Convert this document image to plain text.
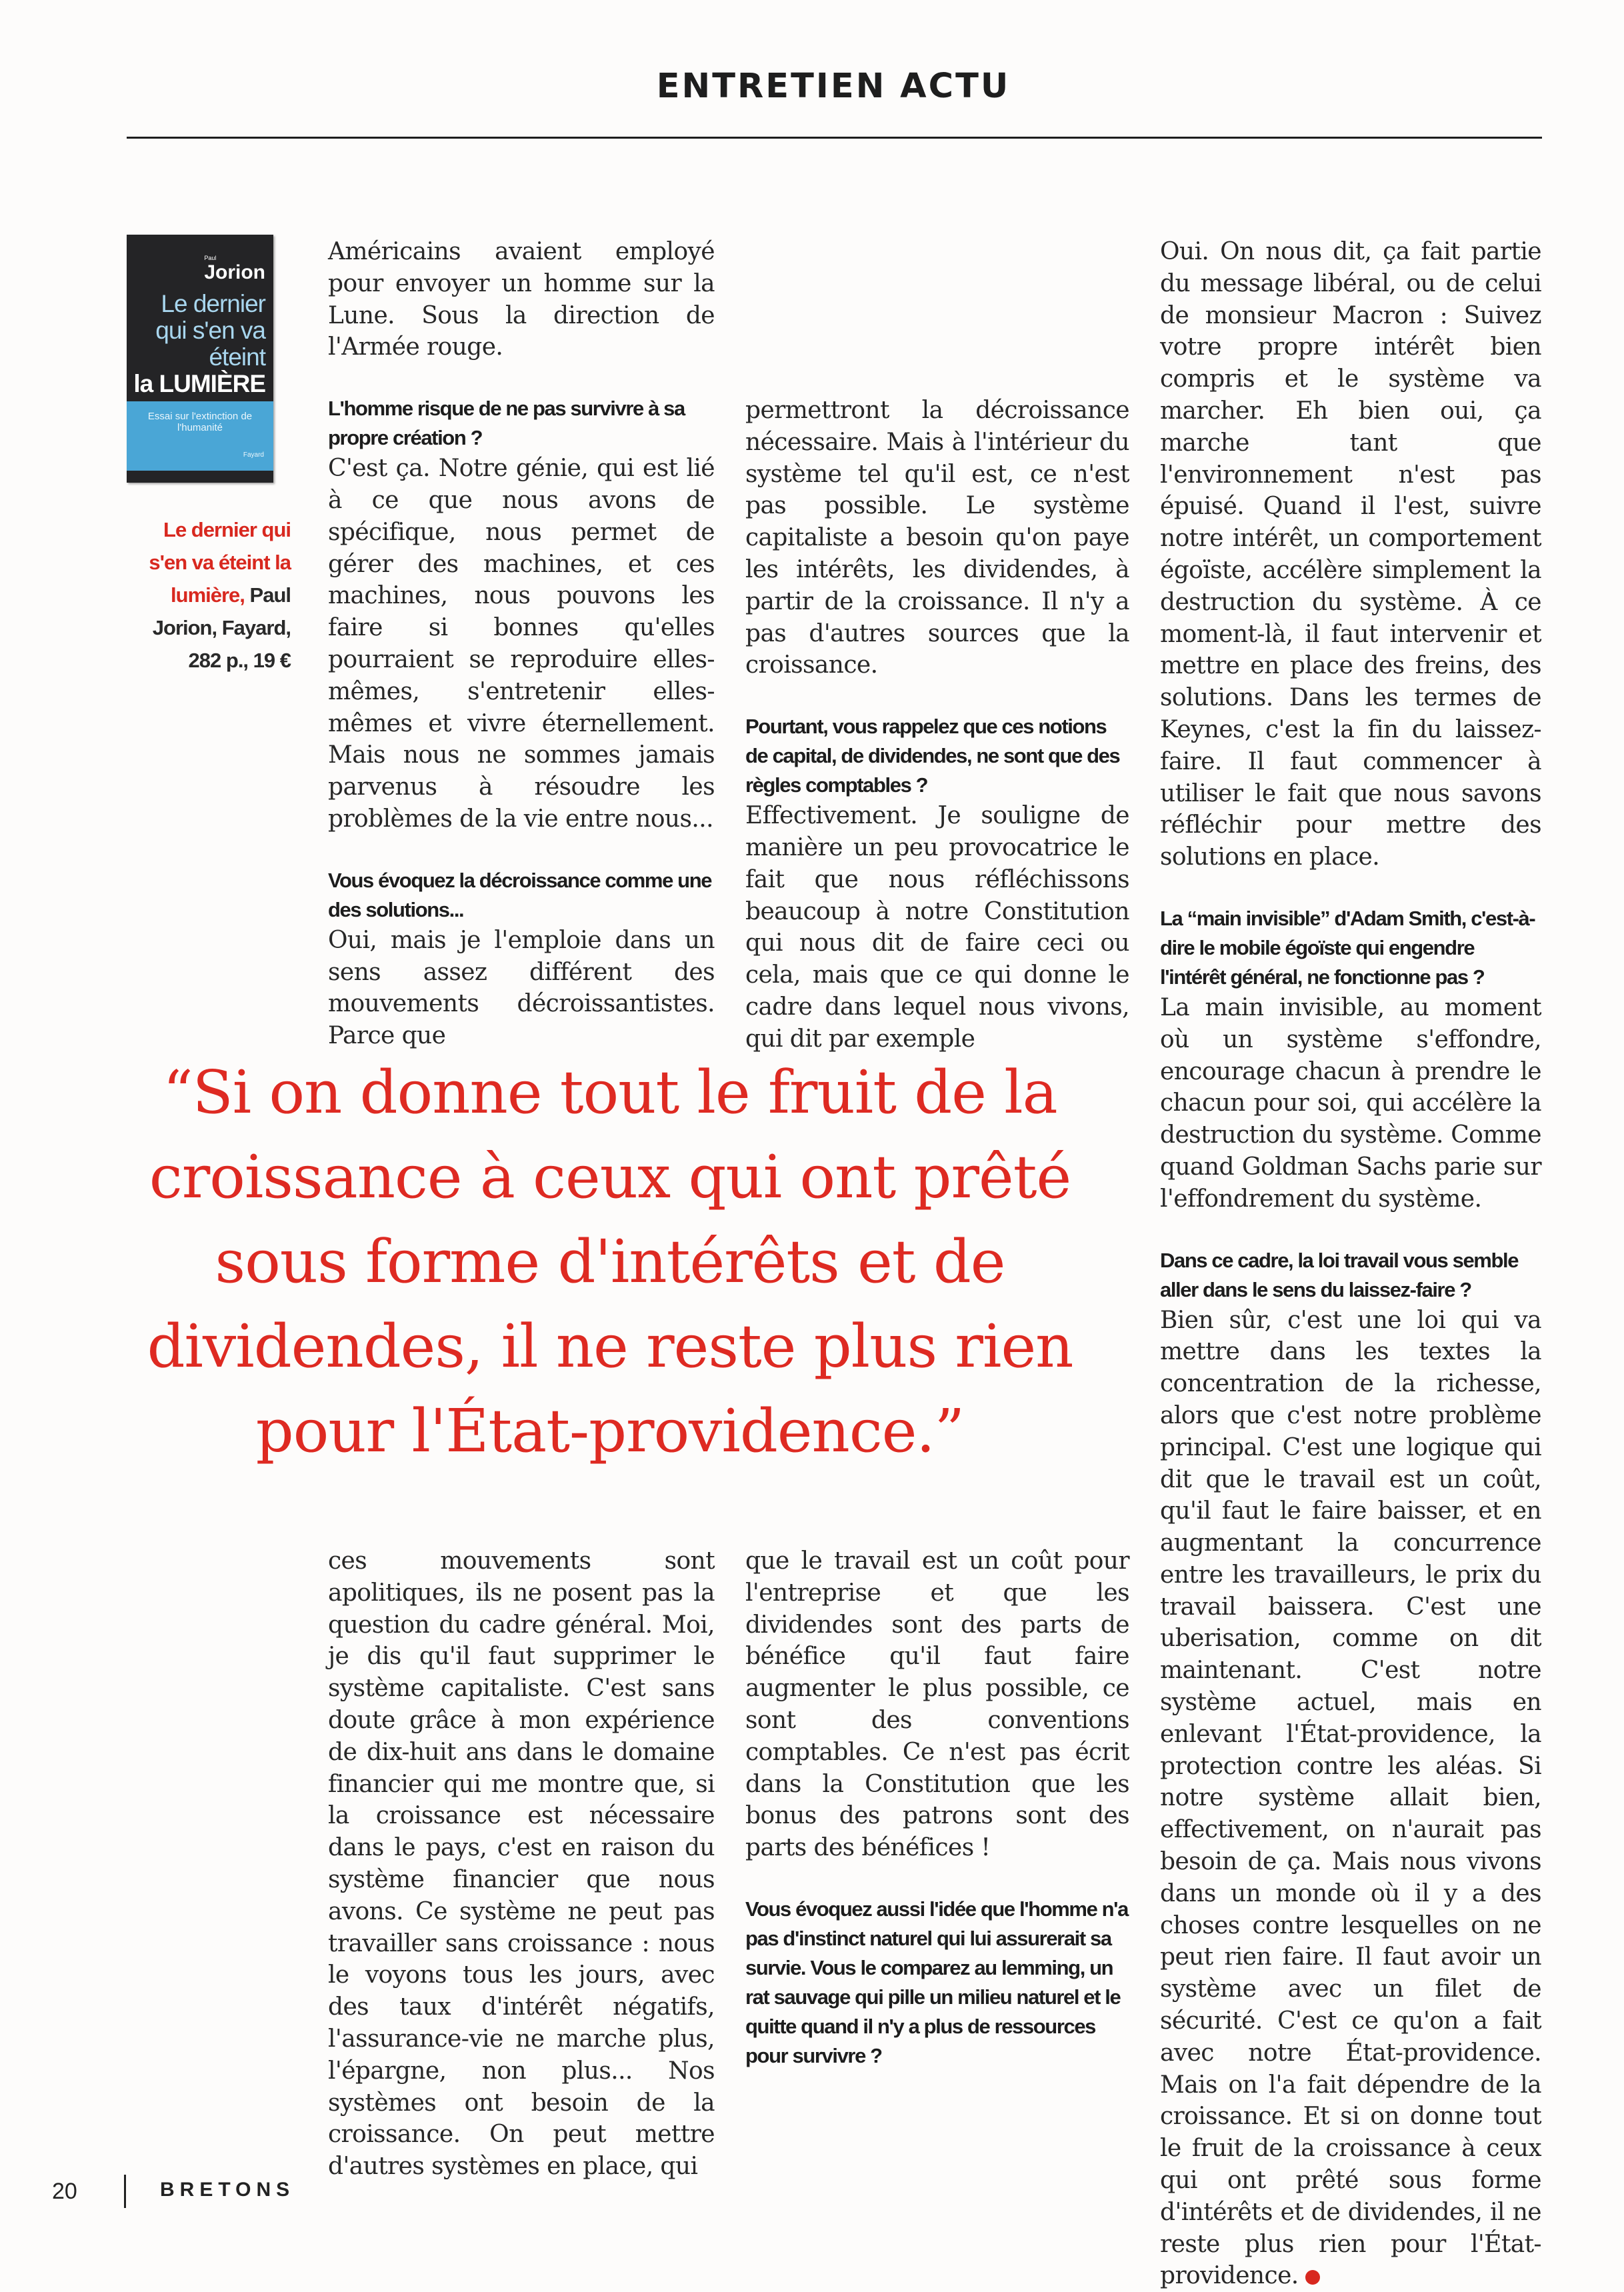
ENTRETIEN ACTU
Paul
Jorion
Le dernier
qui s'en va
éteint
la LUMIÈRE
Essai sur l'extinction de l'humanité
Fayard
Le dernier qui s'en va éteint la lumière, Paul Jorion, Fayard, 282 p., 19 €

Américains avaient employé pour envoyer un homme sur la Lune. Sous la direction de l'Armée rouge.

L'homme risque de ne pas survivre à sa propre création ?

C'est ça. Notre génie, qui est lié à ce que nous avons de spécifique, nous permet de gérer des machines, et ces machines, nous pouvons les faire si bonnes qu'elles pourraient se reproduire elles-mêmes, s'entretenir elles-mêmes et vivre éternellement. Mais nous ne sommes jamais parvenus à résoudre les problèmes de la vie entre nous...

Vous évoquez la décroissance comme une des solutions...

Oui, mais je l'emploie dans un sens assez différent des mouvements décroissantistes. Parce que

permettront la décroissance nécessaire. Mais à l'intérieur du système tel qu'il est, ce n'est pas possible. Le système capitaliste a besoin qu'on paye les intérêts, les dividendes, à partir de la croissance. Il n'y a pas d'autres sources que la croissance.

Pourtant, vous rappelez que ces notions de capital, de dividendes, ne sont que des règles comptables ?

Effectivement. Je souligne de manière un peu provocatrice le fait que nous réfléchissons beaucoup à notre Constitution qui nous dit de faire ceci ou cela, mais que ce qui donne le cadre dans lequel nous vivons, qui dit par exemple

Oui. On nous dit, ça fait partie du message libéral, ou de celui de monsieur Macron : Suivez votre propre intérêt bien compris et le système va marcher. Eh bien oui, ça marche tant que l'environnement n'est pas épuisé. Quand il l'est, suivre notre intérêt, un comportement égoïste, accélère simplement la destruction du système. À ce moment-là, il faut intervenir et mettre en place des freins, des solutions. Dans les termes de Keynes, c'est la fin du laissez-faire. Il faut commencer à utiliser le fait que nous savons réfléchir pour mettre des solutions en place.

La “main invisible” d'Adam Smith, c'est-à-dire le mobile égoïste qui engendre l'intérêt général, ne fonctionne pas ?

La main invisible, au moment où un système s'effondre, encourage chacun à prendre le chacun pour soi, qui accélère la destruction du système. Comme quand Goldman Sachs parie sur l'effondrement du système.

Dans ce cadre, la loi travail vous semble aller dans le sens du laissez-faire ?

Bien sûr, c'est une loi qui va mettre dans les textes la concentration de la richesse, alors que c'est notre problème principal. C'est une logique qui dit que le travail est un coût, qu'il faut le faire baisser, et en augmentant la concurrence entre les travailleurs, le prix du travail baissera. C'est une uberisation, comme on dit maintenant. C'est notre système actuel, mais en enlevant l'État-providence, la protection contre les aléas. Si notre système allait bien, effectivement, on n'aurait pas besoin de ça. Mais nous vivons dans un monde où il y a des choses contre lesquelles on ne peut rien faire. Il faut avoir un système avec un filet de sécurité. C'est ce qu'on a fait avec notre État-providence. Mais on l'a fait dépendre de la croissance. Et si on donne tout le fruit de la croissance à ceux qui ont prêté sous forme d'intérêts et de dividendes, il ne reste plus rien pour l'État-providence.

“Si on donne tout le fruit de la
croissance à ceux qui ont prêté
sous forme d'intérêts et de
dividendes, il ne reste plus rien
pour l'État-providence.”

ces mouvements sont apolitiques, ils ne posent pas la question du cadre général. Moi, je dis qu'il faut supprimer le système capitaliste. C'est sans doute grâce à mon expérience de dix-huit ans dans le domaine financier qui me montre que, si la croissance est nécessaire dans le pays, c'est en raison du système financier que nous avons. Ce système ne peut pas travailler sans croissance : nous le voyons tous les jours, avec des taux d'intérêt négatifs, l'assurance-vie ne marche plus, l'épargne, non plus... Nos systèmes ont besoin de la croissance. On peut mettre d'autres systèmes en place, qui

que le travail est un coût pour l'entreprise et que les dividendes sont des parts de bénéfice qu'il faut faire augmenter le plus possible, ce sont des conventions comptables. Ce n'est pas écrit dans la Constitution que les bonus des patrons sont des parts des bénéfices !

Vous évoquez aussi l'idée que l'homme n'a pas d'instinct naturel qui lui assurerait sa survie. Vous le comparez au lemming, un rat sauvage qui pille un milieu naturel et le quitte quand il n'y a plus de ressources pour survivre ?

20	BRETONS
